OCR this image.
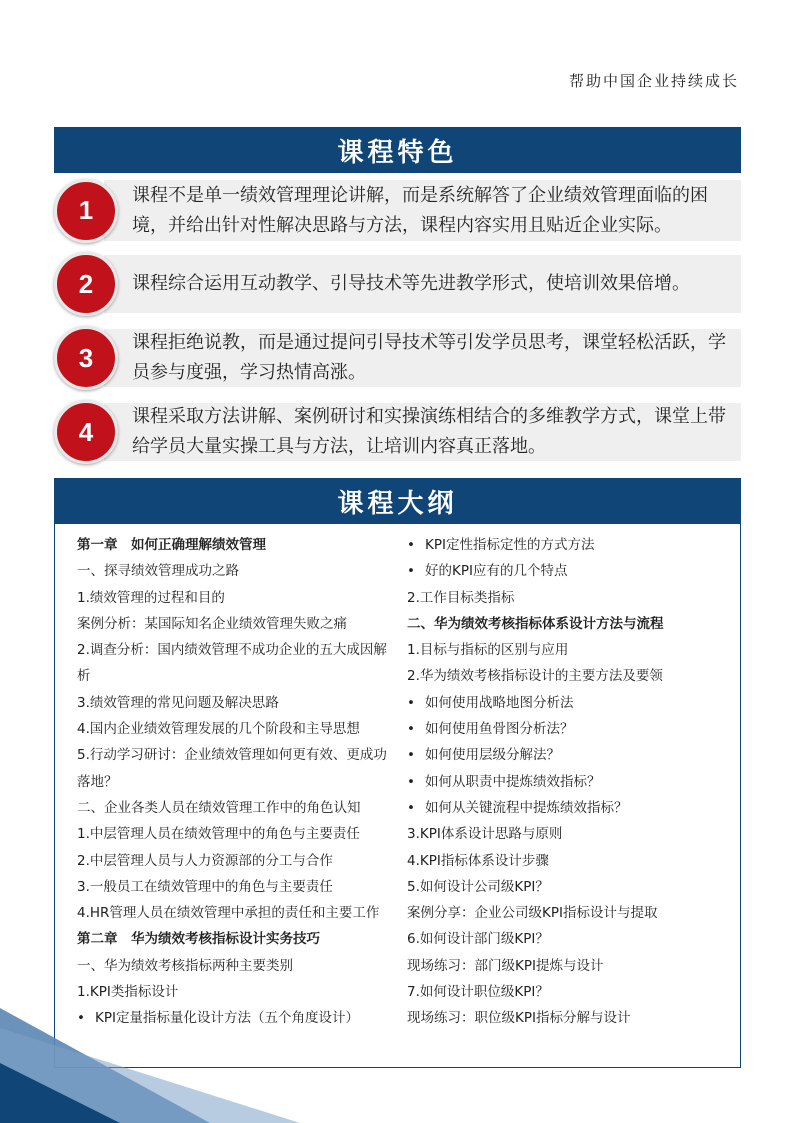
帮助中国企业持续成长
课程特色
课程不是单一绩效管理理论讲解，而是系统解答了企业绩效管理面临的困境，并给出针对性解决思路与方法，课程内容实用且贴近企业实际。
1
课程综合运用互动教学、引导技术等先进教学形式，使培训效果倍增。
2
课程拒绝说教，而是通过提问引导技术等引发学员思考，课堂轻松活跃，学员参与度强，学习热情高涨。
3
课程采取方法讲解、案例研讨和实操演练相结合的多维教学方式，课堂上带给学员大量实操工具与方法，让培训内容真正落地。
4
课程大纲
第一章　如何正确理解绩效管理
一、探寻绩效管理成功之路
1.绩效管理的过程和目的
案例分析：某国际知名企业绩效管理失败之痛
2.调查分析：国内绩效管理不成功企业的五大成因解析
3.绩效管理的常见问题及解决思路
4.国内企业绩效管理发展的几个阶段和主导思想
5.行动学习研讨：企业绩效管理如何更有效、更成功落地？
二、企业各类人员在绩效管理工作中的角色认知
1.中层管理人员在绩效管理中的角色与主要责任
2.中层管理人员与人力资源部的分工与合作
3.一般员工在绩效管理中的角色与主要责任
4.HR管理人员在绩效管理中承担的责任和主要工作
第二章　华为绩效考核指标设计实务技巧
一、华为绩效考核指标两种主要类别
1.KPI类指标设计
• KPI定量指标量化设计方法（五个角度设计）
• KPI定性指标定性的方式方法
• 好的KPI应有的几个特点
2.工作目标类指标
二、华为绩效考核指标体系设计方法与流程
1.目标与指标的区别与应用
2.华为绩效考核指标设计的主要方法及要领
• 如何使用战略地图分析法
• 如何使用鱼骨图分析法？
• 如何使用层级分解法？
• 如何从职责中提炼绩效指标？
• 如何从关键流程中提炼绩效指标？
3.KPI体系设计思路与原则
4.KPI指标体系设计步骤
5.如何设计公司级KPI？
案例分享：企业公司级KPI指标设计与提取
6.如何设计部门级KPI？
现场练习：部门级KPI提炼与设计
7.如何设计职位级KPI？
现场练习：职位级KPI指标分解与设计
